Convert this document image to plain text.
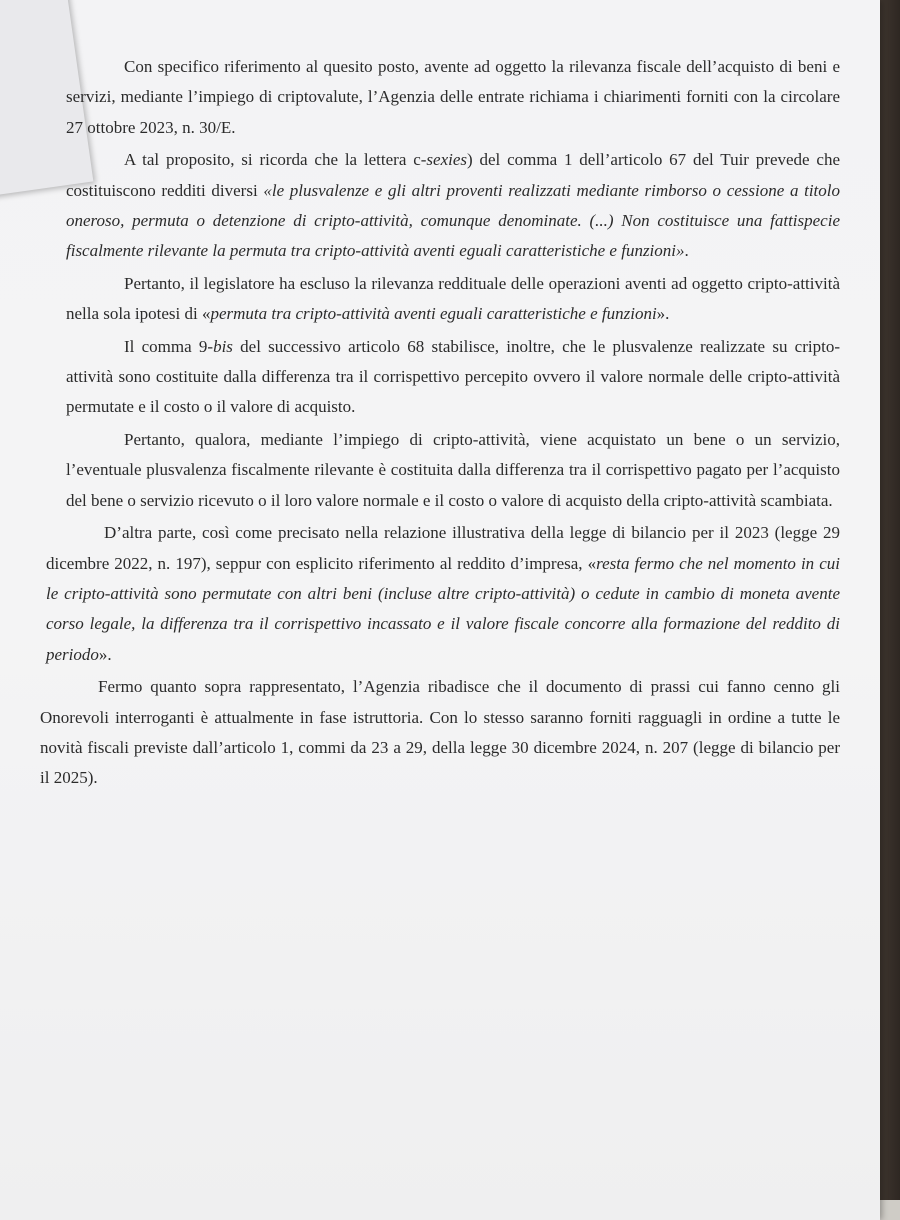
Con specifico riferimento al quesito posto, avente ad oggetto la rilevanza fiscale dell’acquisto di beni e servizi, mediante l’impiego di criptovalute, l’Agenzia delle entrate richiama i chiarimenti forniti con la circolare 27 ottobre 2023, n. 30/E.

A tal proposito, si ricorda che la lettera c-sexies) del comma 1 dell’articolo 67 del Tuir prevede che costituiscono redditi diversi «le plusvalenze e gli altri proventi realizzati mediante rimborso o cessione a titolo oneroso, permuta o detenzione di cripto-attività, comunque denominate. (...) Non costituisce una fattispecie fiscalmente rilevante la permuta tra cripto-attività aventi eguali caratteristiche e funzioni».

Pertanto, il legislatore ha escluso la rilevanza reddituale delle operazioni aventi ad oggetto cripto-attività nella sola ipotesi di «permuta tra cripto-attività aventi eguali caratteristiche e funzioni».

Il comma 9-bis del successivo articolo 68 stabilisce, inoltre, che le plusvalenze realizzate su cripto-attività sono costituite dalla differenza tra il corrispettivo percepito ovvero il valore normale delle cripto-attività permutate e il costo o il valore di acquisto.

Pertanto, qualora, mediante l’impiego di cripto-attività, viene acquistato un bene o un servizio, l’eventuale plusvalenza fiscalmente rilevante è costituita dalla differenza tra il corrispettivo pagato per l’acquisto del bene o servizio ricevuto o il loro valore normale e il costo o valore di acquisto della cripto-attività scambiata.

D’altra parte, così come precisato nella relazione illustrativa della legge di bilancio per il 2023 (legge 29 dicembre 2022, n. 197), seppur con esplicito riferimento al reddito d’impresa, «resta fermo che nel momento in cui le cripto-attività sono permutate con altri beni (incluse altre cripto-attività) o cedute in cambio di moneta avente corso legale, la differenza tra il corrispettivo incassato e il valore fiscale concorre alla formazione del reddito di periodo».

Fermo quanto sopra rappresentato, l’Agenzia ribadisce che il documento di prassi cui fanno cenno gli Onorevoli interroganti è attualmente in fase istruttoria. Con lo stesso saranno forniti ragguagli in ordine a tutte le novità fiscali previste dall’articolo 1, commi da 23 a 29, della legge 30 dicembre 2024, n. 207 (legge di bilancio per il 2025).
